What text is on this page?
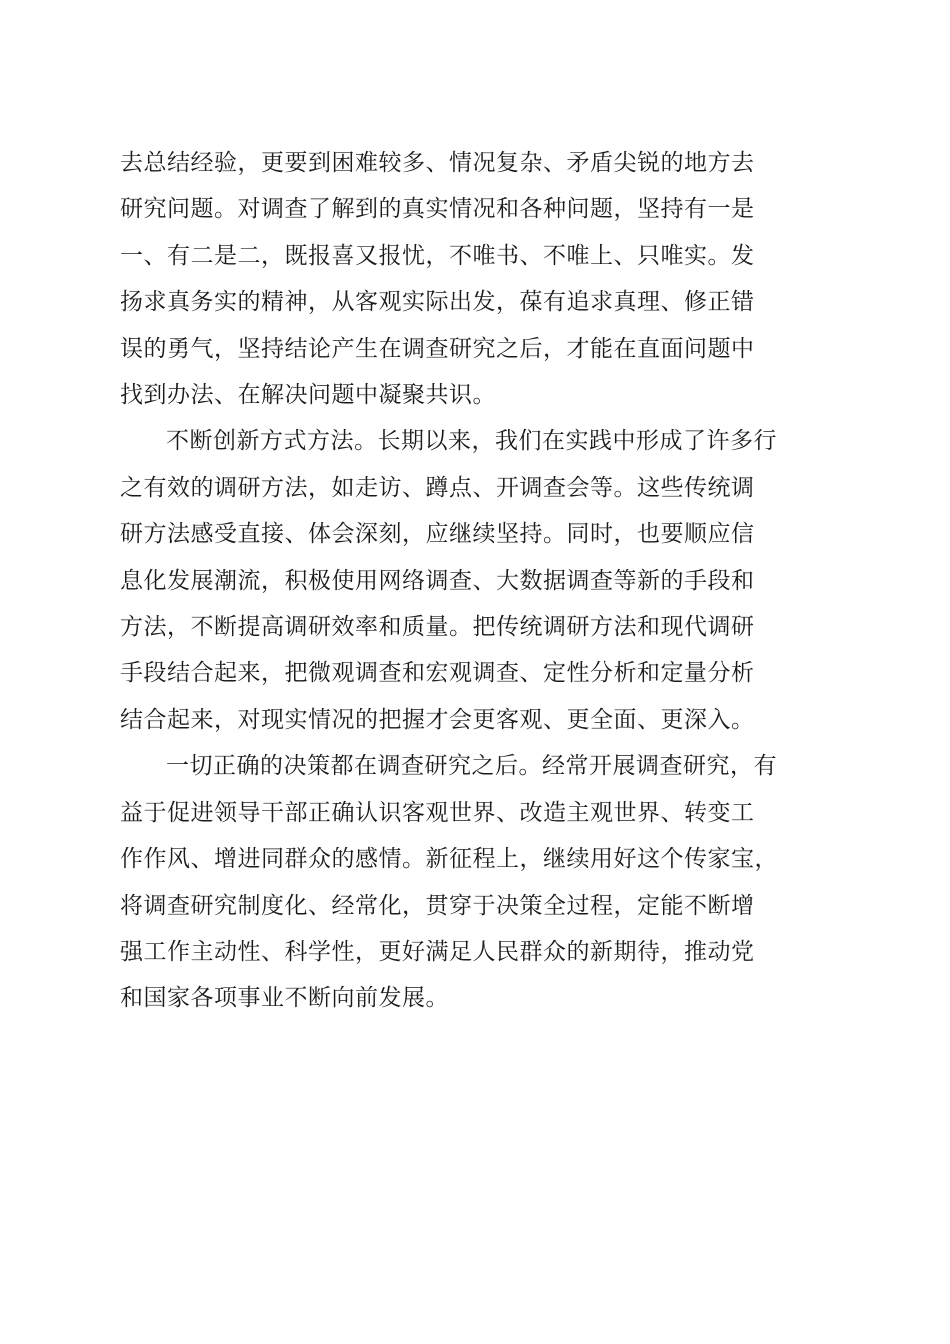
去总结经验，更要到困难较多、情况复杂、矛盾尖锐的地方去
研究问题。对调查了解到的真实情况和各种问题，坚持有一是
一、有二是二，既报喜又报忧，不唯书、不唯上、只唯实。发
扬求真务实的精神，从客观实际出发，葆有追求真理、修正错
误的勇气，坚持结论产生在调查研究之后，才能在直面问题中
找到办法、在解决问题中凝聚共识。

不断创新方式方法。长期以来，我们在实践中形成了许多行
之有效的调研方法，如走访、蹲点、开调查会等。这些传统调
研方法感受直接、体会深刻，应继续坚持。同时，也要顺应信
息化发展潮流，积极使用网络调查、大数据调查等新的手段和
方法，不断提高调研效率和质量。把传统调研方法和现代调研
手段结合起来，把微观调查和宏观调查、定性分析和定量分析
结合起来，对现实情况的把握才会更客观、更全面、更深入。

一切正确的决策都在调查研究之后。经常开展调查研究，有
益于促进领导干部正确认识客观世界、改造主观世界、转变工
作作风、增进同群众的感情。新征程上，继续用好这个传家宝，
将调查研究制度化、经常化，贯穿于决策全过程，定能不断增
强工作主动性、科学性，更好满足人民群众的新期待，推动党
和国家各项事业不断向前发展。
